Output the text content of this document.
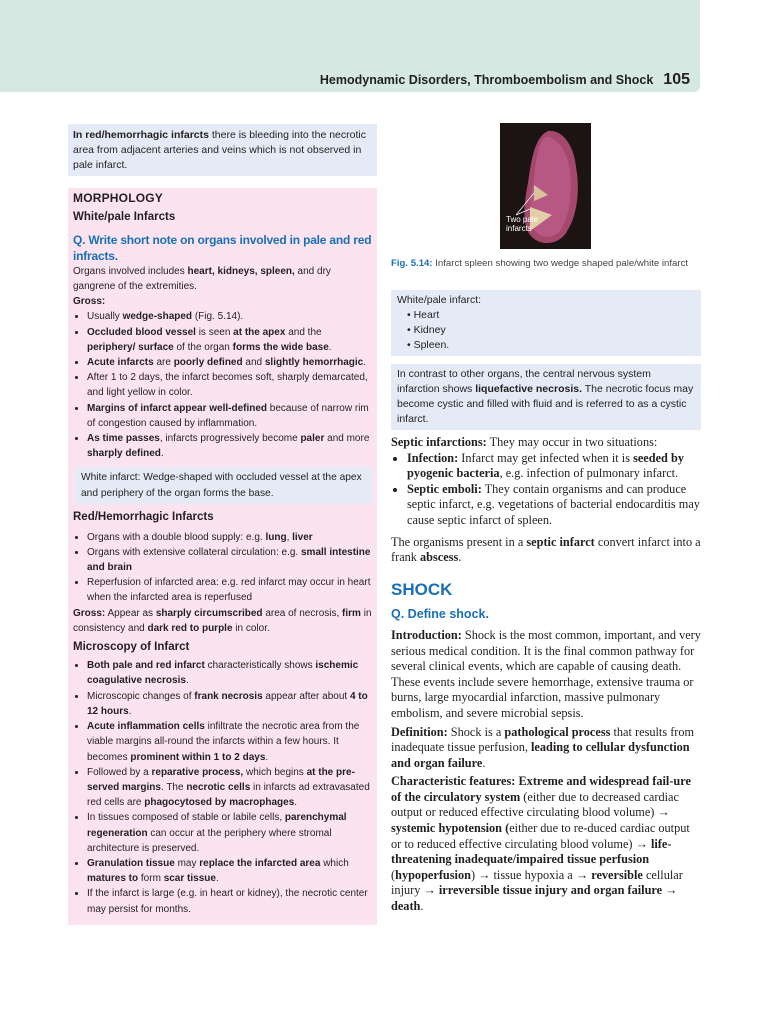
Hemodynamic Disorders, Thromboembolism and Shock 105
In red/hemorrhagic infarcts there is bleeding into the necrotic area from adjacent arteries and veins which is not observed in pale infarct.
MORPHOLOGY
White/pale Infarcts
Q. Write short note on organs involved in pale and red infracts.

Organs involved includes heart, kidneys, spleen, and dry gangrene of the extremities.

Gross:

• Usually wedge-shaped (Fig. 5.14).
• Occluded blood vessel is seen at the apex and the periphery/ surface of the organ forms the wide base.
• Acute infarcts are poorly defined and slightly hemorrhagic.
• After 1 to 2 days, the infarct becomes soft, sharply demarcated, and light yellow in color.
• Margins of infarct appear well-defined because of narrow rim of congestion caused by inflammation.
• As time passes, infarcts progressively become paler and more sharply defined.
White infarct: Wedge-shaped with occluded vessel at the apex and periphery of the organ forms the base.
Red/Hemorrhagic Infarcts
• Organs with a double blood supply: e.g. lung, liver
• Organs with extensive collateral circulation: e.g. small intestine and brain
• Reperfusion of infarcted area: e.g. red infarct may occur in heart when the infarcted area is reperfused

Gross: Appear as sharply circumscribed area of necrosis, firm in consistency and dark red to purple in color.

Microscopy of Infarct
• Both pale and red infarct characteristically shows ischemic coagulative necrosis.
• Microscopic changes of frank necrosis appear after about 4 to 12 hours.
• Acute inflammation cells infiltrate the necrotic area from the viable margins all-round the infarcts within a few hours. It becomes prominent within 1 to 2 days.
• Followed by a reparative process, which begins at the pre-served margins. The necrotic cells in infarcts ad extravasated red cells are phagocytosed by macrophages.
• In tissues composed of stable or labile cells, parenchymal regeneration can occur at the periphery where stromal architecture is preserved.
• Granulation tissue may replace the infarcted area which matures to form scar tissue.
• If the infarct is large (e.g. in heart or kidney), the necrotic center may persist for months.
Two pale infarcts
Fig. 5.14: Infarct spleen showing two wedge shaped pale/white infarct
White/pale infarct:
• Heart
• Kidney
• Spleen.
In contrast to other organs, the central nervous system infarction shows liquefactive necrosis. The necrotic focus may become cystic and filled with fluid and is referred to as a cystic infarct.

Septic infarctions: They may occur in two situations:

• Infection: Infarct may get infected when it is seeded by pyogenic bacteria, e.g. infection of pulmonary infarct.
• Septic emboli: They contain organisms and can produce septic infarct, e.g. vegetations of bacterial endocarditis may cause septic infarct of spleen.

The organisms present in a septic infarct convert infarct into a frank abscess.

SHOCK
Q. Define shock.

Introduction: Shock is the most common, important, and very serious medical condition. It is the final common pathway for several clinical events, which are capable of causing death. These events include severe hemorrhage, extensive trauma or burns, large myocardial infarction, massive pulmonary embolism, and severe microbial sepsis.

Definition: Shock is a pathological process that results from inadequate tissue perfusion, leading to cellular dysfunction and organ failure.

Characteristic features: Extreme and widespread fail-ure of the circulatory system (either due to decreased cardiac output or reduced effective circulating blood volume) → systemic hypotension (either due to re-duced cardiac output or to reduced effective circulating blood volume) → life-threatening inadequate/impaired tissue perfusion (hypoperfusion) → tissue hypoxia a → reversible cellular injury → irreversible tissue injury and organ failure → death.
